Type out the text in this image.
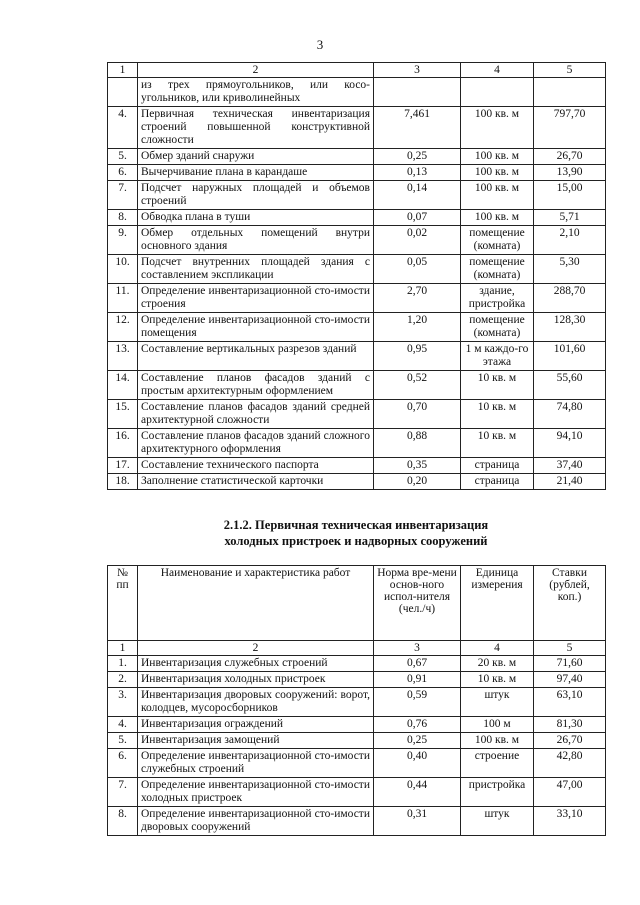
3
1	2	3	4	5
	из трех прямоугольников, или косо-угольников, или криволинейных			
4.	Первичная техническая инвентаризация строений повышенной конструктивной сложности	7,461	100 кв. м	797,70
5.	Обмер зданий снаружи	0,25	100 кв. м	26,70
6.	Вычерчивание плана в карандаше	0,13	100 кв. м	13,90
7.	Подсчет наружных площадей и объемов строений	0,14	100 кв. м	15,00
8.	Обводка плана в туши	0,07	100 кв. м	5,71
9.	Обмер отдельных помещений внутри основного здания	0,02	помещение (комната)	2,10
10.	Подсчет внутренних площадей здания с составлением экспликации	0,05	помещение (комната)	5,30
11.	Определение инвентаризационной сто-имости строения	2,70	здание, пристройка	288,70
12.	Определение инвентаризационной сто-имости помещения	1,20	помещение (комната)	128,30
13.	Составление вертикальных разрезов зданий	0,95	1 м каждо-го этажа	101,60
14.	Составление планов фасадов зданий с простым архитектурным оформлением	0,52	10 кв. м	55,60
15.	Составление планов фасадов зданий средней архитектурной сложности	0,70	10 кв. м	74,80
16.	Составление планов фасадов зданий сложного архитектурного оформления	0,88	10 кв. м	94,10
17.	Составление технического паспорта	0,35	страница	37,40
18.	Заполнение статистической карточки	0,20	страница	21,40
2.1.2. Первичная техническая инвентаризация
холодных пристроек и надворных сооружений
№ пп	Наименование и характеристика работ	Норма вре-мени основ-ного испол-нителя (чел./ч)	Единица измерения	Ставки (рублей, коп.)
1	2	3	4	5
1.	Инвентаризация служебных строений	0,67	20 кв. м	71,60
2.	Инвентаризация холодных пристроек	0,91	10 кв. м	97,40
3.	Инвентаризация дворовых сооружений: ворот, колодцев, мусоросборников	0,59	штук	63,10
4.	Инвентаризация ограждений	0,76	100 м	81,30
5.	Инвентаризация замощений	0,25	100 кв. м	26,70
6.	Определение инвентаризационной сто-имости служебных строений	0,40	строение	42,80
7.	Определение инвентаризационной сто-имости холодных пристроек	0,44	пристройка	47,00
8.	Определение инвентаризационной сто-имости дворовых сооружений	0,31	штук	33,10
